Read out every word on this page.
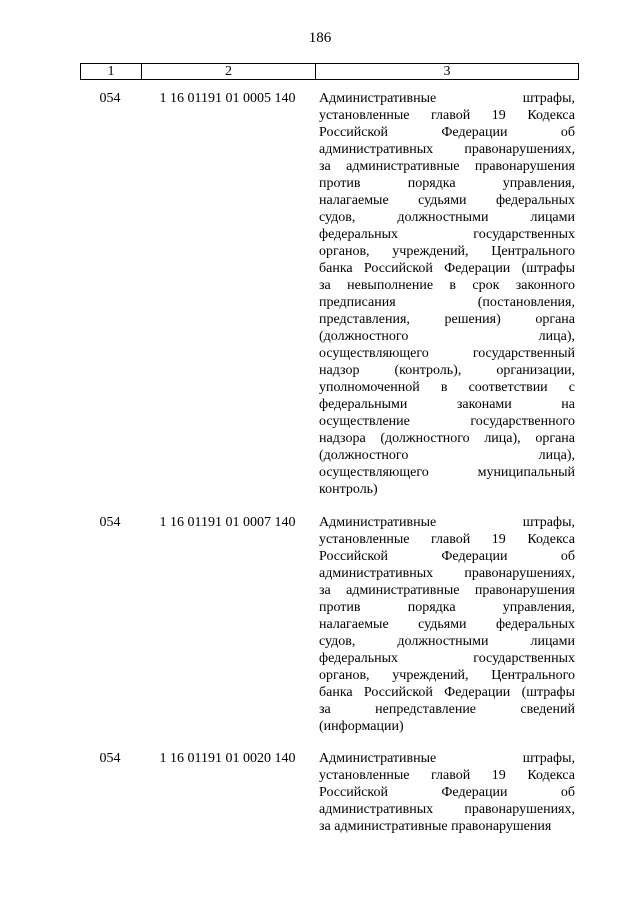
186
1	2	3
054	1 16 01191 01 0005 140	Административные штрафы,
установленные главой 19 Кодекса
Российской Федерации об
административных правонарушениях,
за административные правонарушения
против порядка управления,
налагаемые судьями федеральных
судов, должностными лицами
федеральных государственных
органов, учреждений, Центрального
банка Российской Федерации (штрафы
за невыполнение в срок законного
предписания (постановления,
представления, решения) органа
(должностного лица),
осуществляющего государственный
надзор (контроль), организации,
уполномоченной в соответствии с
федеральными законами на
осуществление государственного
надзора (должностного лица), органа
(должностного лица),
осуществляющего муниципальный
контроль)
054	1 16 01191 01 0007 140	Административные штрафы,
установленные главой 19 Кодекса
Российской Федерации об
административных правонарушениях,
за административные правонарушения
против порядка управления,
налагаемые судьями федеральных
судов, должностными лицами
федеральных государственных
органов, учреждений, Центрального
банка Российской Федерации (штрафы
за непредставление сведений
(информации)
054	1 16 01191 01 0020 140	Административные штрафы,
установленные главой 19 Кодекса
Российской Федерации об
административных правонарушениях,
за административные правонарушения
